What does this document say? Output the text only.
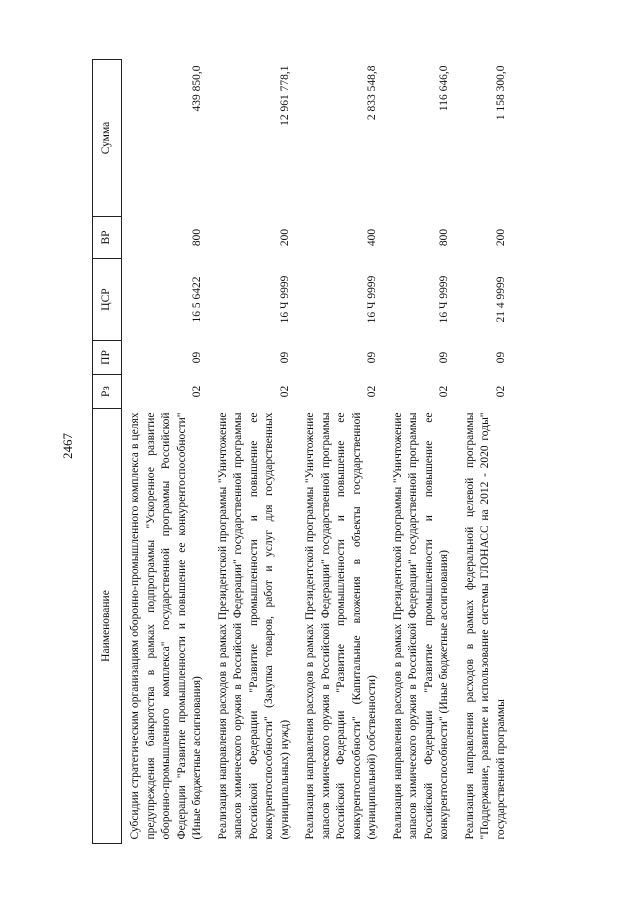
2467
Наименование	Рз	ПР	ЦСР	ВР	Сумма
Субсидии стратегическим организациям оборонно-промышленного комплекса в целях предупреждения банкротства в рамках подпрограммы "Ускоренное развитие оборонно-промышленного комплекса" государственной программы Российской Федерации "Развитие промышленности и повышение ее конкурентоспособности" (Иные бюджетные ассигнования)	02	09	16 5 6422	800	439 850,0
Реализация направления расходов в рамках Президентской программы "Уничтожение запасов химического оружия в Российской Федерации" государственной программы Российской Федерации "Развитие промышленности и повышение ее конкурентоспособности" (Закупка товаров, работ и услуг для государственных (муниципальных) нужд)	02	09	16 Ч 9999	200	12 961 778,1
Реализация направления расходов в рамках Президентской программы "Уничтожение запасов химического оружия в Российской Федерации" государственной программы Российской Федерации "Развитие промышленности и повышение ее конкурентоспособности" (Капитальные вложения в объекты государственной (муниципальной) собственности)	02	09	16 Ч 9999	400	2 833 548,8
Реализация направления расходов в рамках Президентской программы "Уничтожение запасов химического оружия в Российской Федерации" государственной программы Российской Федерации "Развитие промышленности и повышение ее конкурентоспособности" (Иные бюджетные ассигнования)	02	09	16 Ч 9999	800	116 646,0
Реализация направления расходов в рамках федеральной целевой программы "Поддержание, развитие и использование системы ГЛОНАСС на 2012 - 2020 годы" государственной программы	02	09	21 4 9999	200	1 158 300,0
